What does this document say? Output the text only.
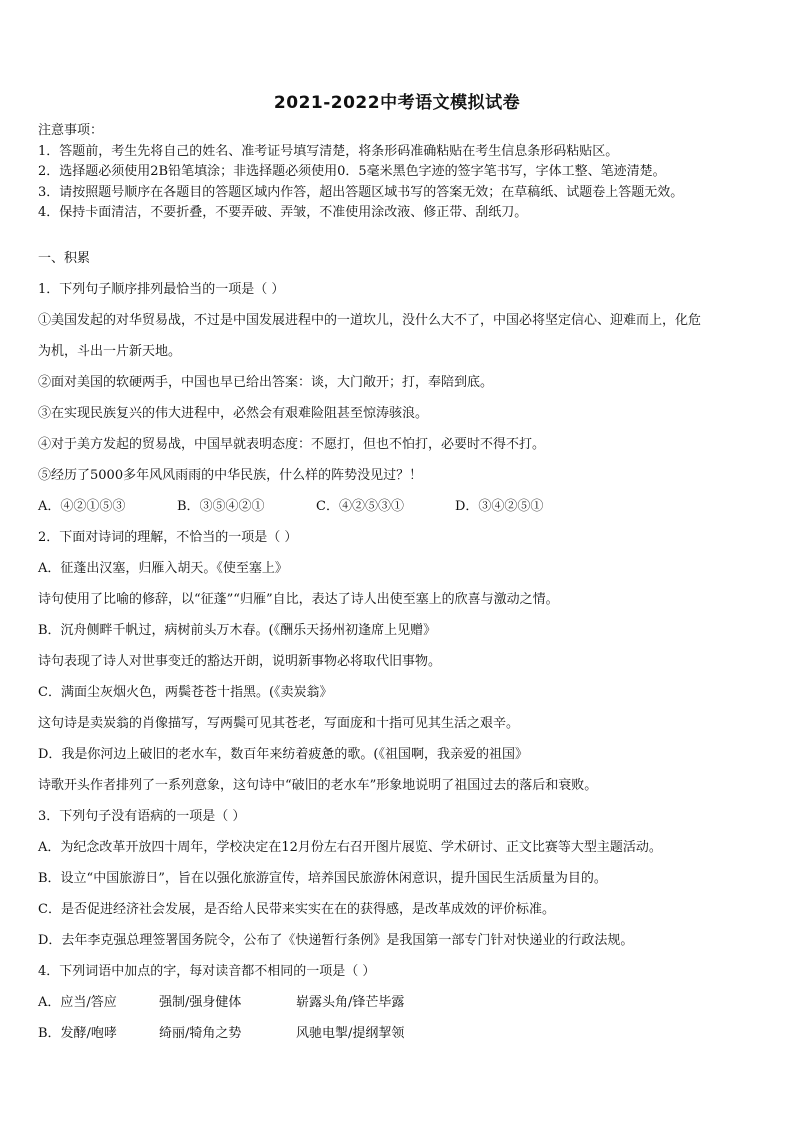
2021-2022中考语文模拟试卷
注意事项：
1．答题前，考生先将自己的姓名、准考证号填写清楚，将条形码准确粘贴在考生信息条形码粘贴区。
2．选择题必须使用2B铅笔填涂；非选择题必须使用0．5毫米黑色字迹的签字笔书写，字体工整、笔迹清楚。
3．请按照题号顺序在各题目的答题区域内作答，超出答题区域书写的答案无效；在草稿纸、试题卷上答题无效。
4．保持卡面清洁，不要折叠，不要弄破、弄皱，不准使用涂改液、修正带、刮纸刀。
一、积累
1．下列句子顺序排列最恰当的一项是（ ）
①美国发起的对华贸易战，不过是中国发展进程中的一道坎儿，没什么大不了，中国必将坚定信心、迎难而上，化危
为机，斗出一片新天地。
②面对美国的软硬两手，中国也早已给出答案：谈，大门敞开；打，奉陪到底。
③在实现民族复兴的伟大进程中，必然会有艰难险阻甚至惊涛骇浪。
④对于美方发起的贸易战，中国早就表明态度：不愿打，但也不怕打，必要时不得不打。
⑤经历了5000多年风风雨雨的中华民族，什么样的阵势没见过？！
A．④②①⑤③	B．③⑤④②①	C．④②⑤③①	D．③④②⑤①
2．下面对诗词的理解，不恰当的一项是（ ）
A．征蓬出汉塞，归雁入胡天。《使至塞上》
诗句使用了比喻的修辞，以“征蓬”“归雁”自比，表达了诗人出使至塞上的欣喜与激动之情。
B．沉舟侧畔千帆过，病树前头万木春。(《酬乐天扬州初逢席上见赠》
诗句表现了诗人对世事变迁的豁达开朗，说明新事物必将取代旧事物。
C．满面尘灰烟火色，两鬓苍苍十指黑。(《卖炭翁》
这句诗是卖炭翁的肖像描写，写两鬓可见其苍老，写面庞和十指可见其生活之艰辛。
D．我是你河边上破旧的老水车，数百年来纺着疲惫的歌。(《祖国啊，我亲爱的祖国》
诗歌开头作者排列了一系列意象，这句诗中“破旧的老水车”形象地说明了祖国过去的落后和衰败。
3．下列句子没有语病的一项是（ ）
A．为纪念改革开放四十周年，学校决定在12月份左右召开图片展览、学术研讨、正文比赛等大型主题活动。
B．设立“中国旅游日”，旨在以强化旅游宣传，培养国民旅游休闲意识，提升国民生活质量为目的。
C．是否促进经济社会发展，是否给人民带来实实在在的获得感，是改革成效的评价标准。
D．去年李克强总理签署国务院令，公布了《快递暂行条例》是我国第一部专门针对快递业的行政法规。
4．下列词语中加点的字，每对读音都不相同的一项是（ ）
A．应当/答应	强制/强身健体	崭露头角/锋芒毕露
B．发酵/咆哮	绮丽/犄角之势	风驰电掣/提纲挈领
